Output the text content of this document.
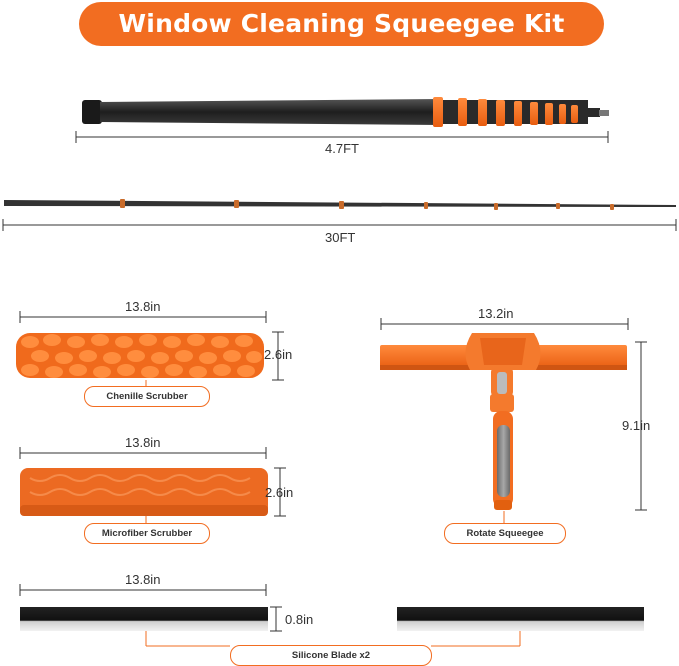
Window Cleaning Squeegee Kit
4.7FT
30FT
13.8in
2.6in
Chenille Scrubber
13.8in
2.6in
Microfiber Scrubber
13.2in
9.1in
Rotate Squeegee
13.8in
0.8in
Silicone Blade x2
